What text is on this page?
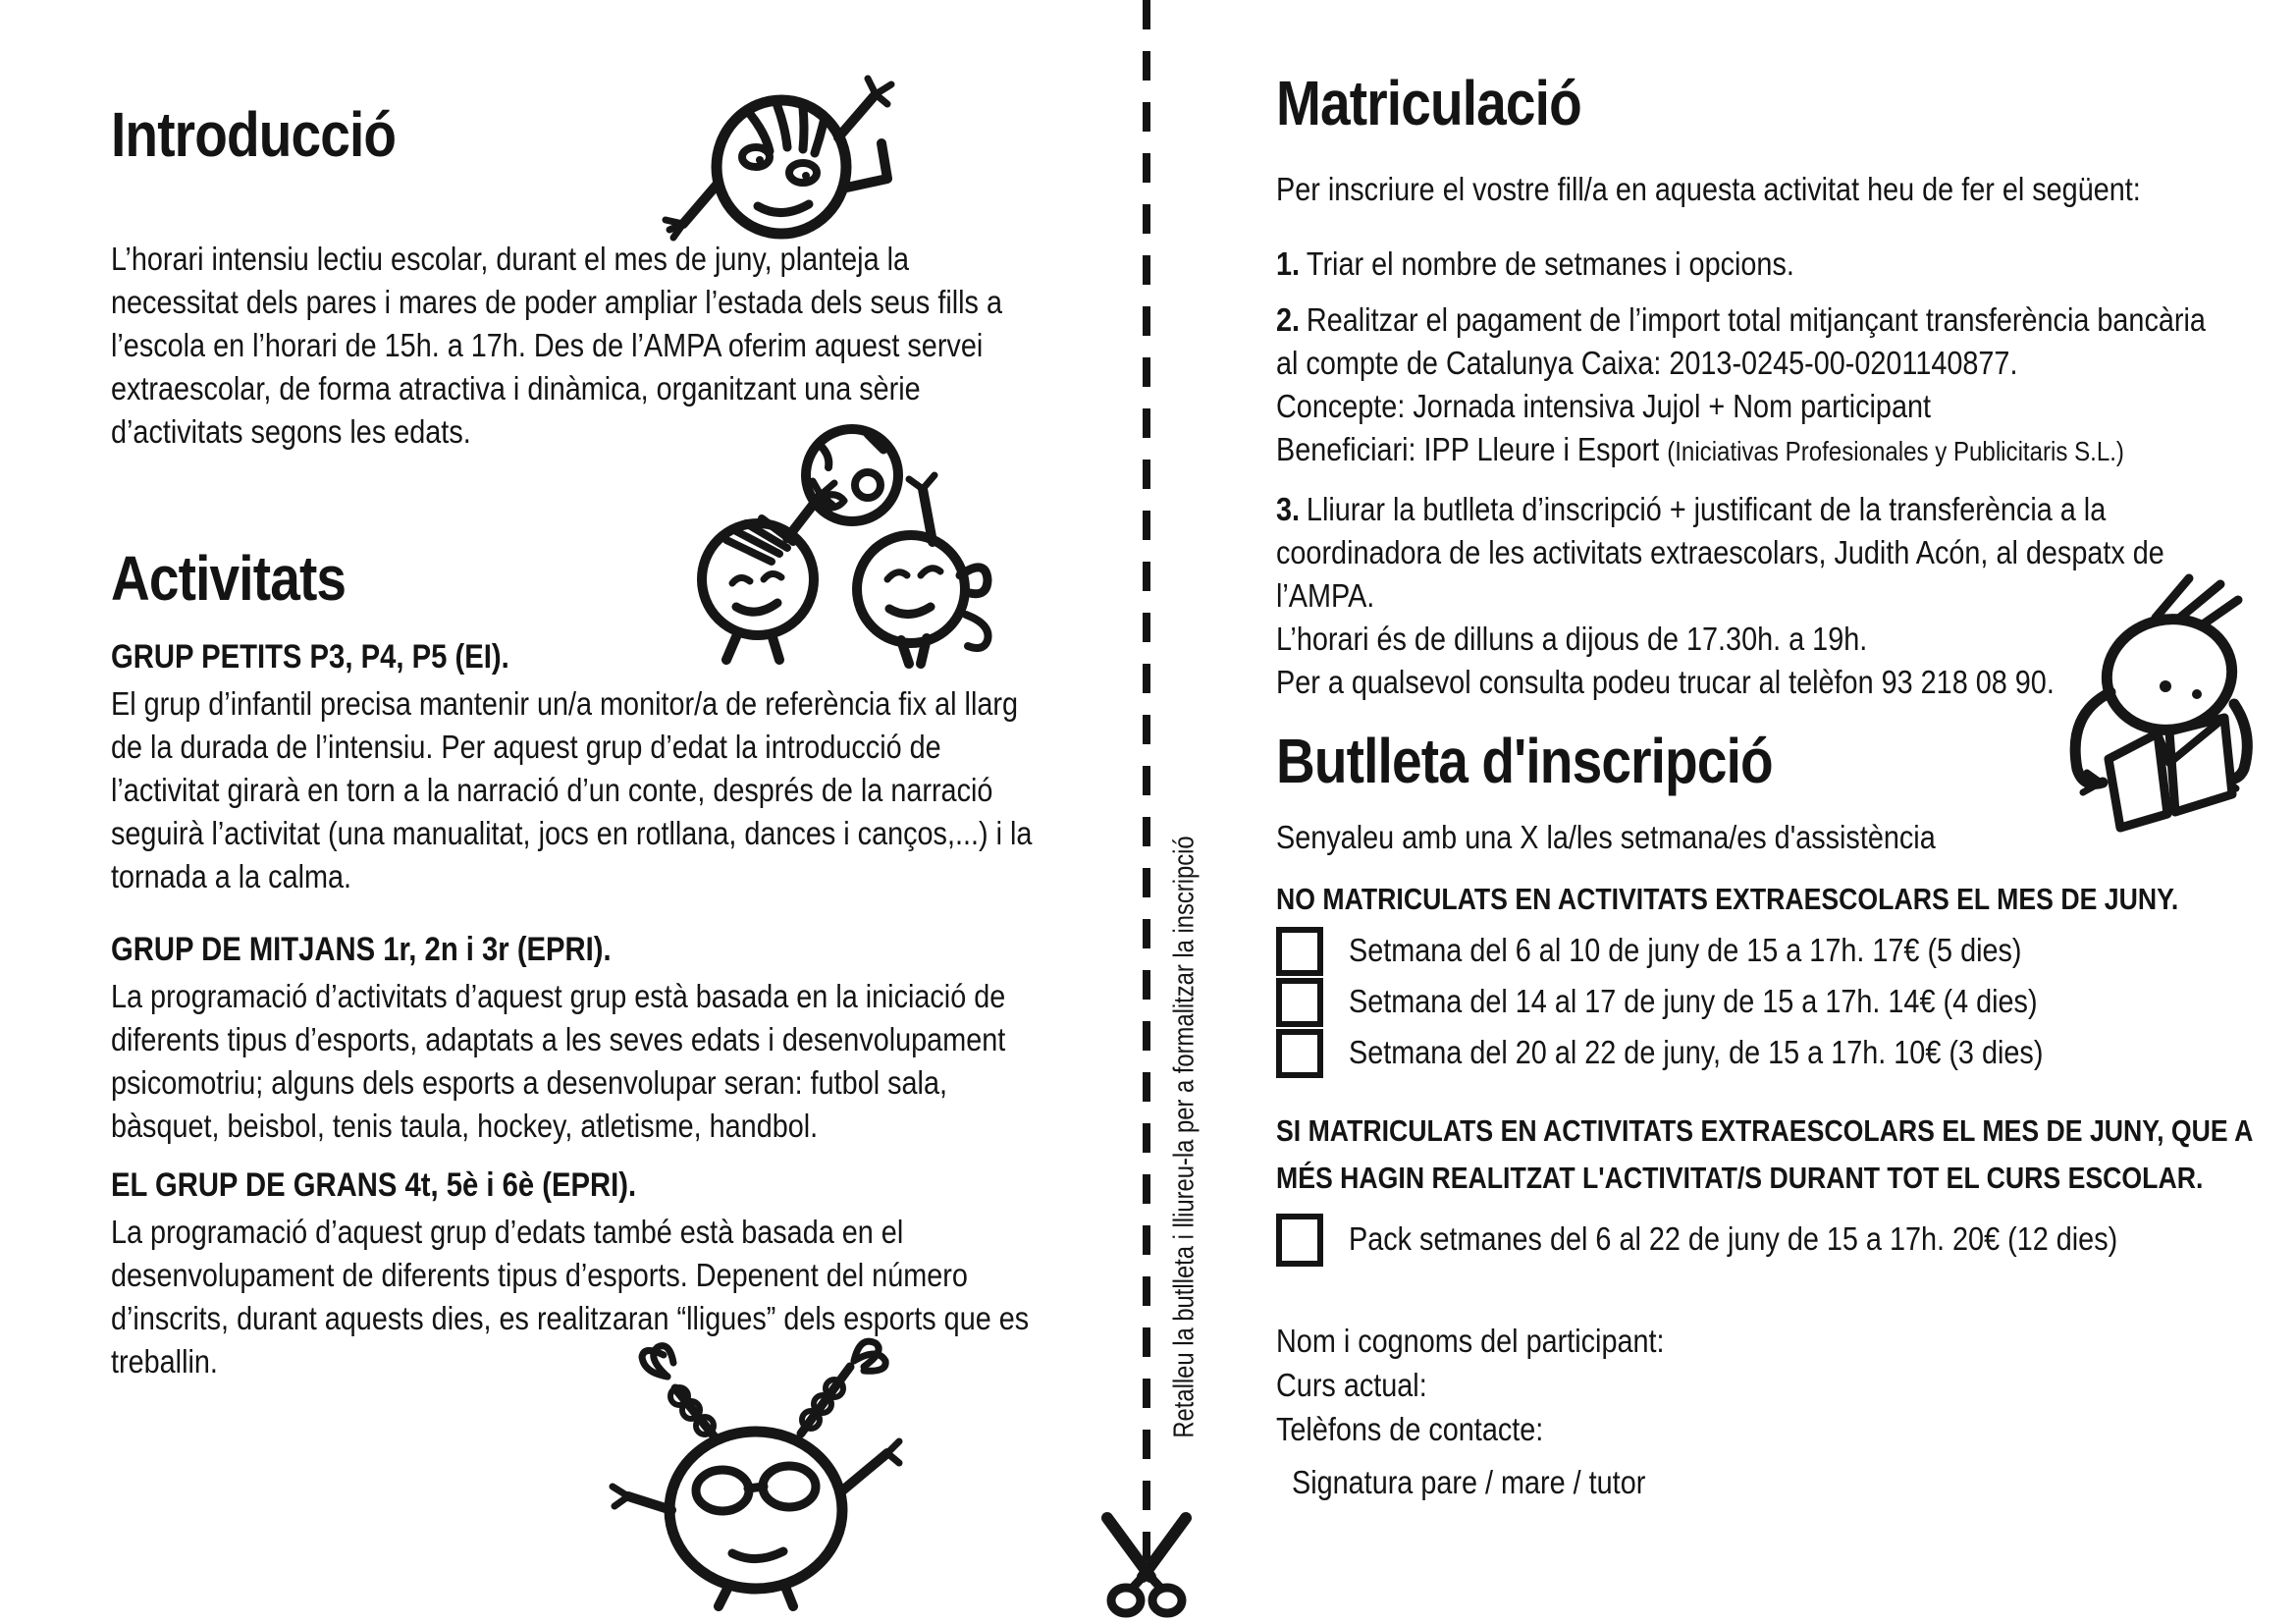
Introducció
L’horari intensiu lectiu escolar, durant el mes de juny, planteja la necessitat dels pares i mares de poder ampliar l’estada dels seus fills a l’escola en l’horari de 15h. a 17h. Des de l’AMPA oferim aquest servei extraescolar, de forma atractiva i dinàmica, organitzant una sèrie d’activitats segons les edats.
Activitats
GRUP PETITS P3, P4, P5 (EI).
El grup d’infantil precisa mantenir un/a monitor/a de referència fix al llarg de la durada de l’intensiu. Per aquest grup d’edat la introducció de l’activitat girarà en torn a la narració d’un conte, després de la narració seguirà l’activitat (una manualitat, jocs en rotllana, dances i canços,...) i la tornada a la calma.
GRUP DE MITJANS 1r, 2n i 3r (EPRI).
La programació d’activitats d’aquest grup està basada en la iniciació de diferents tipus d’esports, adaptats a les seves edats i desenvolupament psicomotriu; alguns dels esports a desenvolupar seran: futbol sala, bàsquet, beisbol, tenis taula, hockey, atletisme, handbol.
EL GRUP DE GRANS 4t, 5è i 6è (EPRI).
La programació d’aquest grup d’edats també està basada en el desenvolupament de diferents tipus d’esports. Depenent del número d’inscrits, durant aquests dies, es realitzaran “lligues” dels esports que es treballin.	Retalleu la butlleta i lliureu-la per a formalitzar la inscripció
Matriculació
Per inscriure el vostre fill/a en aquesta activitat heu de fer el següent:
1. Triar el nombre de setmanes i opcions.
2. Realitzar el pagament de l’import total mitjançant transferència bancària al compte de Catalunya Caixa: 2013-0245-00-0201140877.
Concepte: Jornada intensiva Jujol + Nom participant
Beneficiari: IPP Lleure i Esport (Iniciativas Profesionales y Publicitaris S.L.)
3. Lliurar la butlleta d’inscripció + justificant de la transferència a la coordinadora de les activitats extraescolars, Judith Acón, al despatx de l’AMPA.
L’horari és de dilluns a dijous de 17.30h. a 19h.
Per a qualsevol consulta podeu trucar al telèfon 93 218 08 90.
Butlleta d'inscripció
Senyaleu amb una X la/les setmana/es d'assistència
NO MATRICULATS EN ACTIVITATS EXTRAESCOLARS EL MES DE JUNY.
Setmana del 6 al 10 de juny de 15 a 17h. 17€ (5 dies)
Setmana del 14 al 17 de juny de 15 a 17h. 14€ (4 dies)
Setmana del 20 al 22 de juny, de 15 a 17h. 10€ (3 dies)
SI MATRICULATS EN ACTIVITATS EXTRAESCOLARS EL MES DE JUNY, QUE A MÉS HAGIN REALITZAT L'ACTIVITAT/S DURANT TOT EL CURS ESCOLAR.
Pack setmanes del 6 al 22 de juny de 15 a 17h. 20€ (12 dies)
Nom i cognoms del participant:
Curs actual:
Telèfons de contacte:
Signatura pare / mare / tutor
